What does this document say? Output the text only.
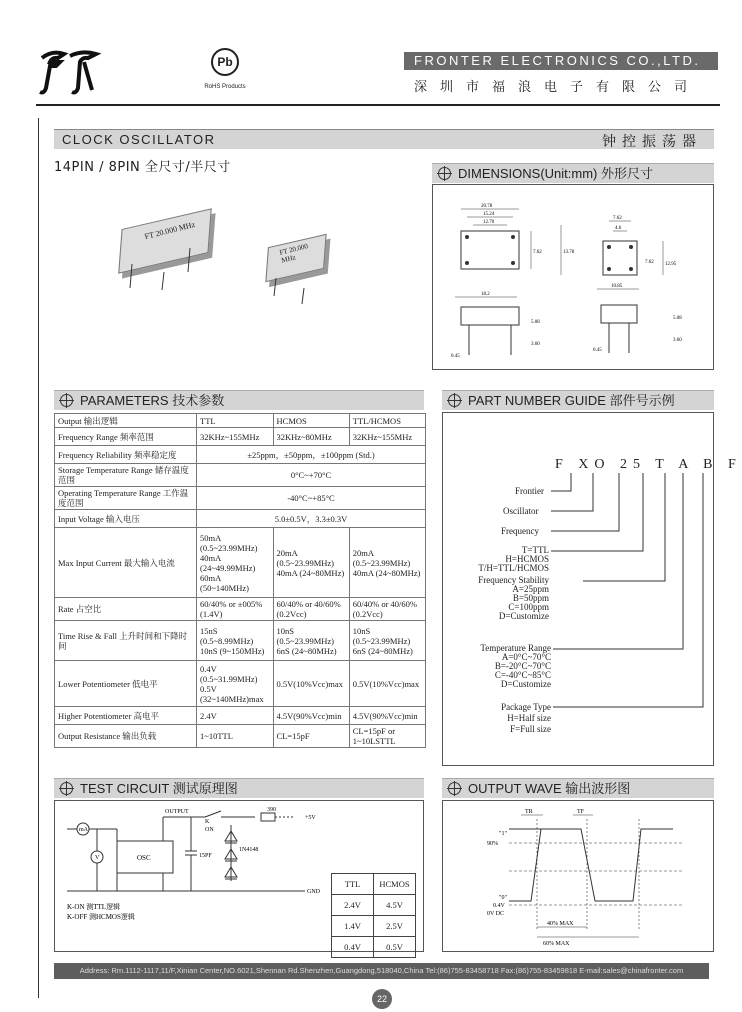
Pb
RoHS Products
FRONTER ELECTRONICS CO.,LTD.
深圳市福浪电子有限公司
CLOCK OSCILLATOR	钟控振荡器
14PIN / 8PIN 全尺寸/半尺寸
FT 20.000 MHz
FT 20.000 MHz
DIMENSIONS(Unit:mm) 外形尺寸
20.78
15.24
12.70
7.62	13.78
18.2
5.08
3.60
0.45
7.62
4.6
7.62 12.95
10.85
5.08
3.60
0.45
PARAMETERS 技术参数
Output 输出逻辑	TTL	HCMOS	TTL/HCMOS
Frequency Range 频率范围	32KHz~155MHz	32KHz~80MHz	32KHz~155MHz
Frequency Reliability 频率稳定度	±25ppm，±50ppm，±100ppm (Std.)		
Storage Temperature Range 储存温度范围	0°C~+70°C		
Operating Temperature Range 工作温度范围	-40°C~+85°C		
Input Voltage 输入电压	5.0±0.5V，3.3±0.3V		
Max Input Current 最大输入电流	50mA (0.5~23.99MHz) 40mA (24~49.99MHz) 60mA (50~140MHz)	20mA (0.5~23.99MHz) 40mA (24~80MHz)	20mA (0.5~23.99MHz) 40mA (24~80MHz)
Rate 占空比	60/40% or ±005%(1.4V)	60/40% or 40/60%(0.2Vcc)	60/40% or 40/60%(0.2Vcc)
Time Rise & Fall 上升时间和下降时间	15nS (0.5~8.99MHz) 10nS (9~150MHz)	10nS (0.5~23.99MHz) 6nS (24~80MHz)	10nS (0.5~23.99MHz) 6nS (24~80MHz)
Lower Potentiometer 低电平	0.4V (0.5~31.99MHz) 0.5V (32~140MHz)max	0.5V(10%Vcc)max	0.5V(10%Vcc)max
Higher Potentiometer 高电平	2.4V	4.5V(90%Vcc)min	4.5V(90%Vcc)min
Output Resistance 输出负载	1~10TTL	CL=15pF	CL=15pF or 1~10LSTTL
PART NUMBER GUIDE 部件号示例
F XO 25 T A B F
Frontier
Oscillator
Frequency
T=TTL
H=HCMOS
T/H=TTL/HCMOS
Frequency Stability
A=25ppm
B=50ppm
C=100ppm
D=Customize
Temperature Range
A=0°C~70°C
B=-20°C~70°C
C=-40°C~85°C
D=Customize
Package Type
H=Half size
F=Full size
TEST CIRCUIT 测试原理图
mA
V	OSC
OUTPUT
15PF
K
ON
1N4148
390
+5V
GND
K-ON 测TTL逻辑
K-OFF 测HCMOS逻辑
TTL	HCMOS
2.4V	4.5V
1.4V	2.5V
0.4V	0.5V
OUTPUT WAVE 输出波形图
TR	TF
"1"
90%
"0"
0.4V
0V DC
40% MAX
60% MAX
Address: Rm.1112-1117,11/F,Xinian Center,NO.6021,Shennan Rd.Shenzhen,Guangdong,518040,China Tel:(86)755-83458718 Fax:(86)755-83459818 E-mail:sales@chinafronter.com
22
